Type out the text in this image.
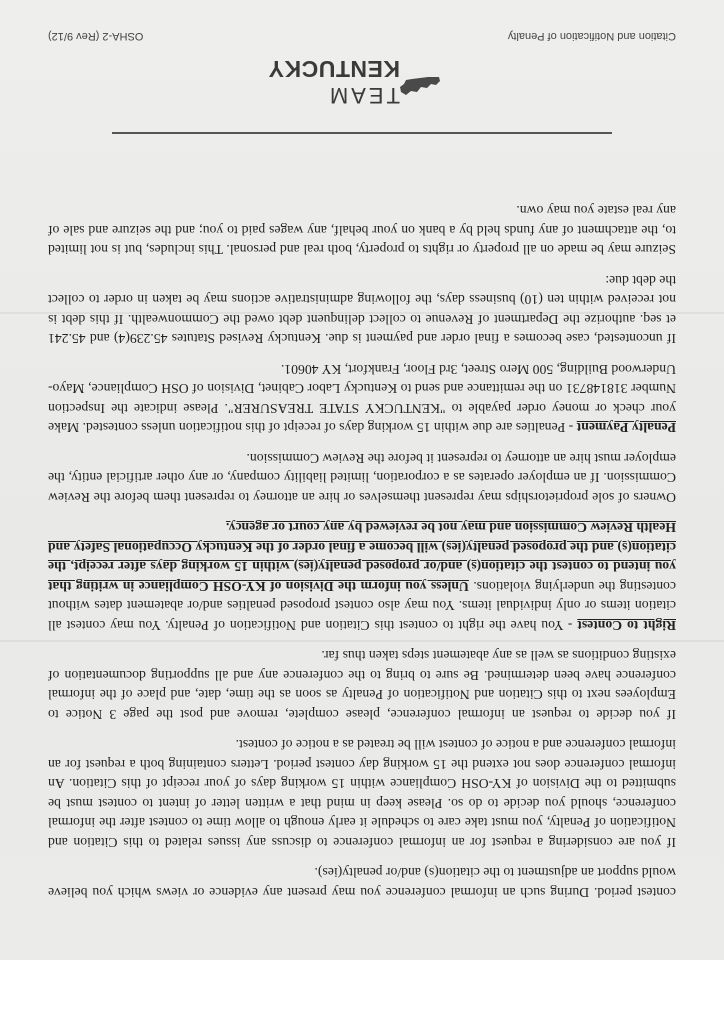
contest period. During such an informal conference you may present any evidence or views which you believe would support an adjustment to the citation(s) and/or penalty(ies).

If you are considering a request for an informal conference to discuss any issues related to this Citation and Notification of Penalty, you must take care to schedule it early enough to allow time to contest after the informal conference, should you decide to do so. Please keep in mind that a written letter of intent to contest must be submitted to the Division of KY-OSH Compliance within 15 working days of your receipt of this Citation. An informal conference does not extend the 15 working day contest period. Letters containing both a request for an informal conference and a notice of contest will be treated as a notice of contest.

If you decide to request an informal conference, please complete, remove and post the page 3 Notice to Employees next to this Citation and Notification of Penalty as soon as the time, date, and place of the informal conference have been determined. Be sure to bring to the conference any and all supporting documentation of existing conditions as well as any abatement steps taken thus far.

Right to Contest - You have the right to contest this Citation and Notification of Penalty. You may contest all citation items or only individual items. You may also contest proposed penalties and/or abatement dates without contesting the underlying violations. Unless you inform the Division of KY-OSH Compliance in writing that you intend to contest the citation(s) and/or proposed penalty(ies) within 15 working days after receipt, the citation(s) and the proposed penalty(ies) will become a final order of the Kentucky Occupational Safety and Health Review Commission and may not be reviewed by any court or agency.

Owners of sole proprietorships may represent themselves or hire an attorney to represent them before the Review Commission. If an employer operates as a corporation, limited liability company, or any other artificial entity, the employer must hire an attorney to represent it before the Review Commission.

Penalty Payment - Penalties are due within 15 working days of receipt of this notification unless contested. Make your check or money order payable to "KENTUCKY STATE TREASURER". Please indicate the Inspection Number 318148731 on the remittance and send to Kentucky Labor Cabinet, Division of OSH Compliance, Mayo-Underwood Building, 500 Mero Street, 3rd Floor, Frankfort, KY 40601.

If uncontested, case becomes a final order and payment is due. Kentucky Revised Statutes 45.239(4) and 45.241 et seq. authorize the Department of Revenue to collect delinquent debt owed the Commonwealth. If this debt is not received within ten (10) business days, the following administrative actions may be taken in order to collect the debt due:

Seizure may be made on all property or rights to property, both real and personal. This includes, but is not limited to, the attachment of any funds held by a bank on your behalf, any wages paid to you; and the seizure and sale of any real estate you may own.

TEAM
KENTUCKY
Citation and Notification of Penalty
OSHA-2 (Rev 9/12)
